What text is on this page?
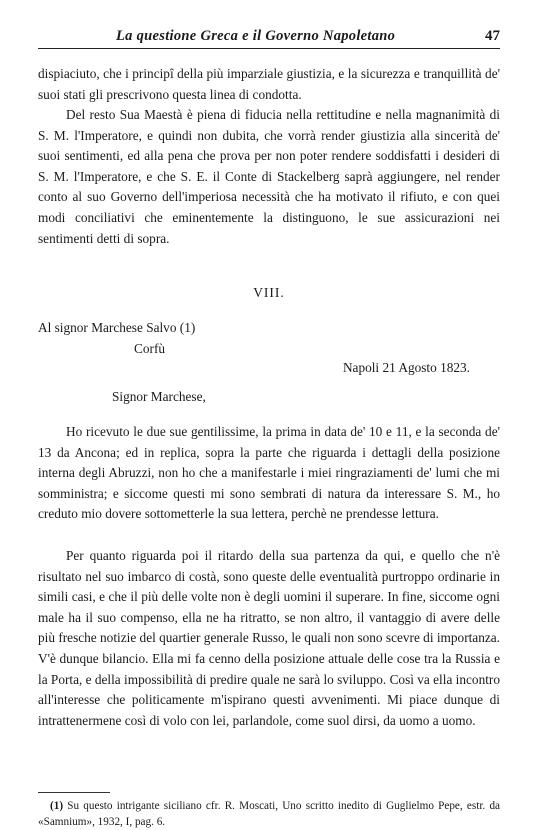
La questione Greca e il Governo Napoletano	47

dispiaciuto, che i principî della più imparziale giustizia, e la sicurezza e tranquillità de' suoi stati gli prescrivono questa linea di condotta.

Del resto Sua Maestà è piena di fiducia nella rettitudine e nella magnanimità di S. M. l'Imperatore, e quindi non dubita, che vorrà render giustizia alla sincerità de' suoi sentimenti, ed alla pena che prova per non poter rendere soddisfatti i desideri di S. M. l'Imperatore, e che S. E. il Conte di Stackelberg saprà aggiungere, nel render conto al suo Governo dell'imperiosa necessità che ha motivato il rifiuto, e con quei modi conciliativi che eminentemente la distinguono, le sue assicurazioni nei sentimenti detti di sopra.

VIII.
Al signor Marchese Salvo (1)
Corfù
Napoli 21 Agosto 1823.
Signor Marchese,

Ho ricevuto le due sue gentilissime, la prima in data de' 10 e 11, e la seconda de' 13 da Ancona; ed in replica, sopra la parte che riguarda i dettagli della posizione interna degli Abruzzi, non ho che a manifestarle i miei ringraziamenti de' lumi che mi somministra; e siccome questi mi sono sembrati di natura da interessare S. M., ho creduto mio dovere sottometterle la sua lettera, perchè ne prendesse lettura.

Per quanto riguarda poi il ritardo della sua partenza da qui, e quello che n'è risultato nel suo imbarco di costà, sono queste delle eventualità purtroppo ordinarie in simili casi, e che il più delle volte non è degli uomini il superare. In fine, siccome ogni male ha il suo compenso, ella ne ha ritratto, se non altro, il vantaggio di avere delle più fresche notizie del quartier generale Russo, le quali non sono scevre di importanza. V'è dunque bilancio. Ella mi fa cenno della posizione attuale delle cose tra la Russia e la Porta, e della impossibilità di predire quale ne sarà lo sviluppo. Così va ella incontro all'interesse che politicamente m'ispirano questi avvenimenti. Mi piace dunque di intrattenermene così di volo con lei, parlandole, come suol dirsi, da uomo a uomo.

(1) Su questo intrigante siciliano cfr. R. Moscati, Uno scritto inedito di Guglielmo Pepe, estr. da «Samnium», 1932, I, pag. 6.
